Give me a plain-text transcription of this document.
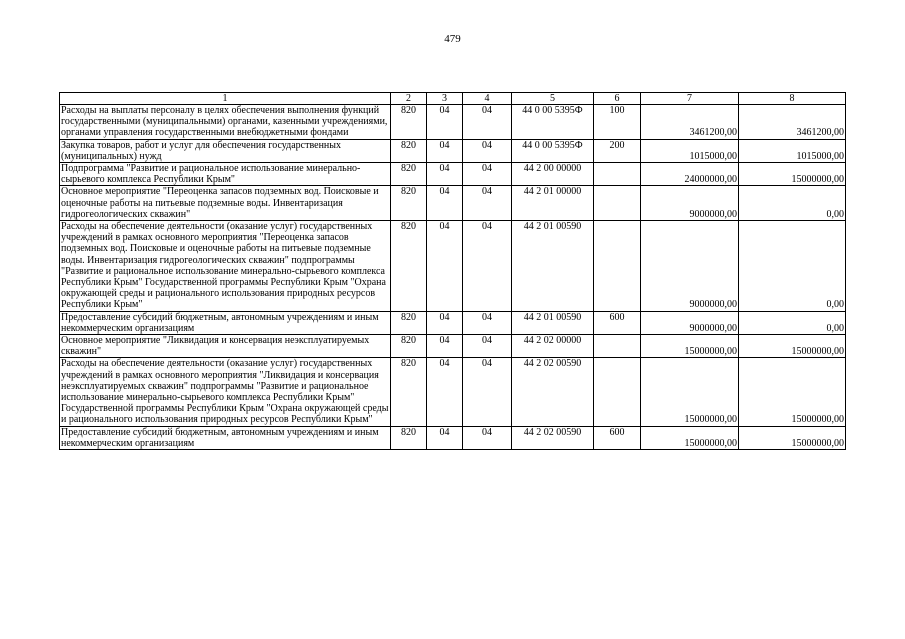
479
1	2	3	4	5	6	7	8
Расходы на выплаты персоналу в целях обеспечения выполнения функций государственными (муниципальными) органами, казенными учреждениями, органами управления государственными внебюджетными фондами	820	04	04	44 0 00 5395Ф	100	3461200,00	3461200,00
Закупка товаров, работ и услуг для обеспечения государственных (муниципальных) нужд	820	04	04	44 0 00 5395Ф	200	1015000,00	1015000,00
Подпрограмма "Развитие и рациональное использование минерально-сырьевого комплекса Республики Крым"	820	04	04	44 2 00 00000		24000000,00	15000000,00
Основное мероприятие "Переоценка запасов подземных вод. Поисковые и оценочные работы на питьевые подземные воды. Инвентаризация гидрогеологических скважин"	820	04	04	44 2 01 00000		9000000,00	0,00
Расходы на обеспечение деятельности (оказание услуг) государственных учреждений в рамках основного мероприятия "Переоценка запасов подземных вод. Поисковые и оценочные работы на питьевые подземные воды. Инвентаризация гидрогеологических скважин" подпрограммы "Развитие и рациональное использование минерально-сырьевого комплекса Республики Крым" Государственной программы Республики Крым "Охрана окружающей среды и рационального использования природных ресурсов Республики Крым"	820	04	04	44 2 01 00590		9000000,00	0,00
Предоставление субсидий бюджетным, автономным учреждениям и иным некоммерческим организациям	820	04	04	44 2 01 00590	600	9000000,00	0,00
Основное мероприятие "Ликвидация и консервация неэксплуатируемых скважин"	820	04	04	44 2 02 00000		15000000,00	15000000,00
Расходы на обеспечение деятельности (оказание услуг) государственных учреждений в рамках основного мероприятия "Ликвидация и консервация неэксплуатируемых скважин" подпрограммы "Развитие и рациональное использование минерально-сырьевого комплекса Республики Крым" Государственной программы Республики Крым "Охрана окружающей среды и рационального использования природных ресурсов Республики Крым"	820	04	04	44 2 02 00590		15000000,00	15000000,00
Предоставление субсидий бюджетным, автономным учреждениям и иным некоммерческим организациям	820	04	04	44 2 02 00590	600	15000000,00	15000000,00
